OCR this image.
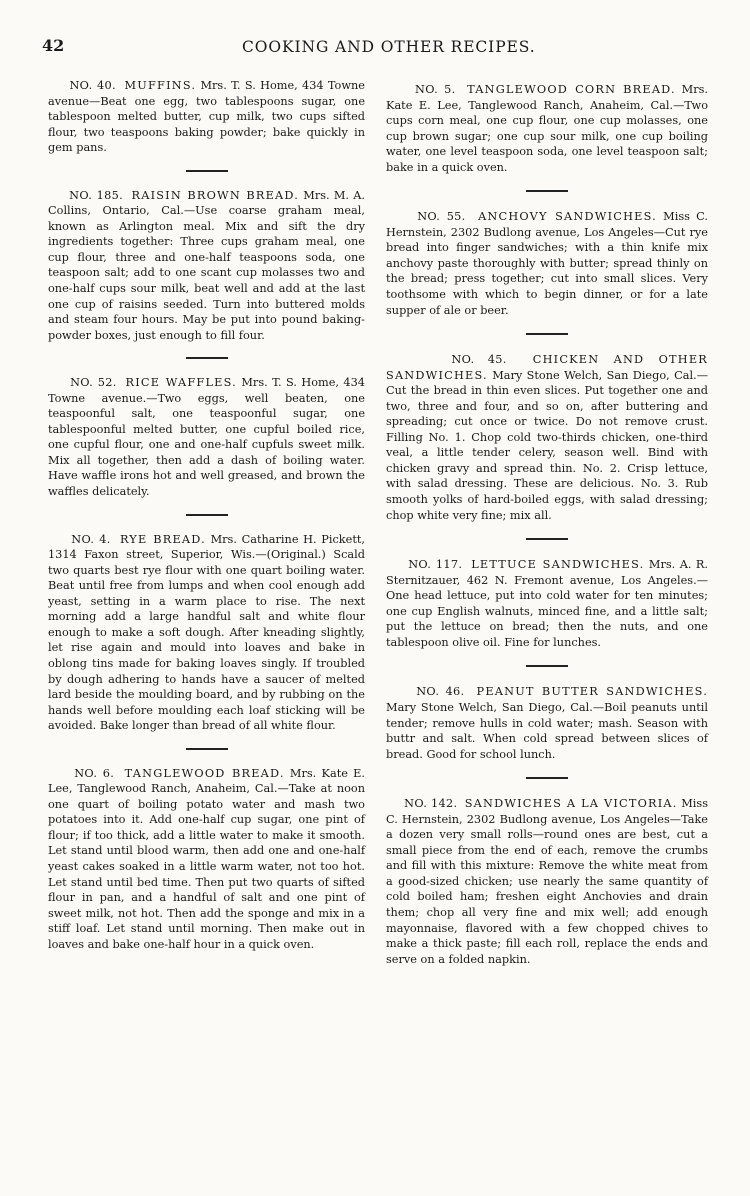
42	COOKING AND OTHER RECIPES.

NO. 40. MUFFINS. Mrs. T. S. Home, 434 Towne avenue—Beat one egg, two tablespoons sugar, one tablespoon melted butter, cup milk, two cups sifted flour, two teaspoons baking powder; bake quickly in gem pans.

NO. 185. RAISIN BROWN BREAD. Mrs. M. A. Collins, Ontario, Cal.—Use coarse graham meal, known as Arlington meal. Mix and sift the dry ingredients together: Three cups graham meal, one cup flour, three and one-half teaspoons soda, one teaspoon salt; add to one scant cup molasses two and one-half cups sour milk, beat well and add at the last one cup of raisins seeded. Turn into buttered molds and steam four hours. May be put into pound baking-powder boxes, just enough to fill four.

NO. 52. RICE WAFFLES. Mrs. T. S. Home, 434 Towne avenue.—Two eggs, well beaten, one teaspoonful salt, one teaspoonful sugar, one tablespoonful melted butter, one cupful boiled rice, one cupful flour, one and one-half cupfuls sweet milk. Mix all together, then add a dash of boiling water. Have waffle irons hot and well greased, and brown the waffles delicately.

NO. 4. RYE BREAD. Mrs. Catharine H. Pickett, 1314 Faxon street, Superior, Wis.—(Original.) Scald two quarts best rye flour with one quart boiling water. Beat until free from lumps and when cool enough add yeast, setting in a warm place to rise. The next morning add a large handful salt and white flour enough to make a soft dough. After kneading slightly, let rise again and mould into loaves and bake in oblong tins made for baking loaves singly. If troubled by dough adhering to hands have a saucer of melted lard beside the moulding board, and by rubbing on the hands well before moulding each loaf sticking will be avoided. Bake longer than bread of all white flour.

NO. 6. TANGLEWOOD BREAD. Mrs. Kate E. Lee, Tanglewood Ranch, Anaheim, Cal.—Take at noon one quart of boiling potato water and mash two potatoes into it. Add one-half cup sugar, one pint of flour; if too thick, add a little water to make it smooth. Let stand until blood warm, then add one and one-half yeast cakes soaked in a little warm water, not too hot. Let stand until bed time. Then put two quarts of sifted flour in pan, and a handful of salt and one pint of sweet milk, not hot. Then add the sponge and mix in a stiff loaf. Let stand until morning. Then make out in loaves and bake one-half hour in a quick oven.

NO. 5. TANGLEWOOD CORN BREAD. Mrs. Kate E. Lee, Tanglewood Ranch, Anaheim, Cal.—Two cups corn meal, one cup flour, one cup molasses, one cup brown sugar; one cup sour milk, one cup boiling water, one level teaspoon soda, one level teaspoon salt; bake in a quick oven.

NO. 55. ANCHOVY SANDWICHES. Miss C. Hernstein, 2302 Budlong avenue, Los Angeles—Cut rye bread into finger sandwiches; with a thin knife mix anchovy paste thoroughly with butter; spread thinly on the bread; press together; cut into small slices. Very toothsome with which to begin dinner, or for a late supper of ale or beer.

NO. 45. CHICKEN AND OTHER SANDWICHES. Mary Stone Welch, San Diego, Cal.—Cut the bread in thin even slices. Put together one and two, three and four, and so on, after buttering and spreading; cut once or twice. Do not remove crust. Filling No. 1. Chop cold two-thirds chicken, one-third veal, a little tender celery, season well. Bind with chicken gravy and spread thin. No. 2. Crisp lettuce, with salad dressing. These are delicious. No. 3. Rub smooth yolks of hard-boiled eggs, with salad dressing; chop white very fine; mix all.

NO. 117. LETTUCE SANDWICHES. Mrs. A. R. Sternitzauer, 462 N. Fremont avenue, Los Angeles.—One head lettuce, put into cold water for ten minutes; one cup English walnuts, minced fine, and a little salt; put the lettuce on bread; then the nuts, and one tablespoon olive oil. Fine for lunches.

NO. 46. PEANUT BUTTER SANDWICHES. Mary Stone Welch, San Diego, Cal.—Boil peanuts until tender; remove hulls in cold water; mash. Season with buttr and salt. When cold spread between slices of bread. Good for school lunch.

NO. 142. SANDWICHES A LA VICTORIA. Miss C. Hernstein, 2302 Budlong avenue, Los Angeles—Take a dozen very small rolls—round ones are best, cut a small piece from the end of each, remove the crumbs and fill with this mixture: Remove the white meat from a good-sized chicken; use nearly the same quantity of cold boiled ham; freshen eight Anchovies and drain them; chop all very fine and mix well; add enough mayonnaise, flavored with a few chopped chives to make a thick paste; fill each roll, replace the ends and serve on a folded napkin.
